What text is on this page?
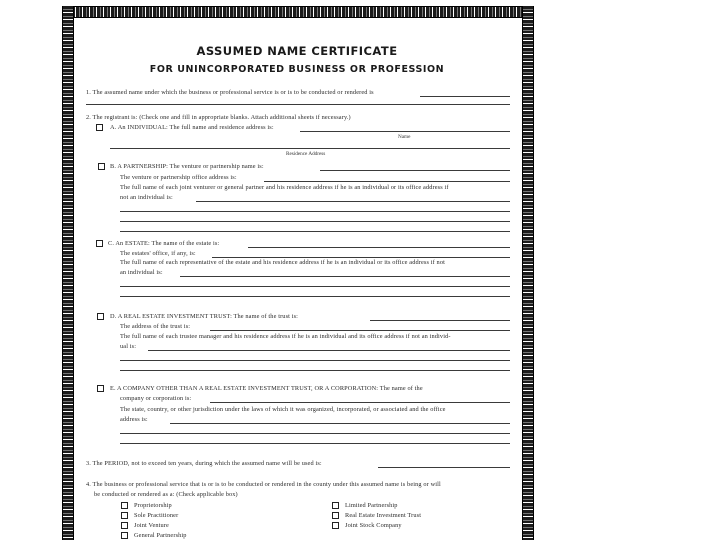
ASSUMED NAME CERTIFICATE
FOR UNINCORPORATED BUSINESS OR PROFESSION
1. The assumed name under which the business or professional service is or is to be conducted or rendered is
2. The registrant is: (Check one and fill in appropriate blanks. Attach additional sheets if necessary.)
A. An INDIVIDUAL: The full name and residence address is:
Name
Residence Address
B. A PARTNERSHIP: The venture or partnership name is:
The venture or partnership office address is:
The full name of each joint venturer or general partner and his residence address if he is an individual or its office address if
not an individual is:
C. An ESTATE: The name of the estate is:
The estates' office, if any, is:
The full name of each representative of the estate and his residence address if he is an individual or its office address if not
an individual is:
D. A REAL ESTATE INVESTMENT TRUST: The name of the trust is:
The address of the trust is:
The full name of each trustee manager and his residence address if he is an individual and its office address if not an individ-
ual is:
E. A COMPANY OTHER THAN A REAL ESTATE INVESTMENT TRUST, OR A CORPORATION: The name of the
company or corporation is:
The state, country, or other jurisdiction under the laws of which it was organized, incorporated, or associated and the office
address is:
3. The PERIOD, not to exceed ten years, during which the assumed name will be used is:
4. The business or professional service that is or is to be conducted or rendered in the county under this assumed name is being or will
be conducted or rendered as a: (Check applicable box)
Proprietorship
Sole Practitioner
Joint Venture
General Partnership
Limited Partnership
Real Estate Investment Trust
Joint Stock Company
